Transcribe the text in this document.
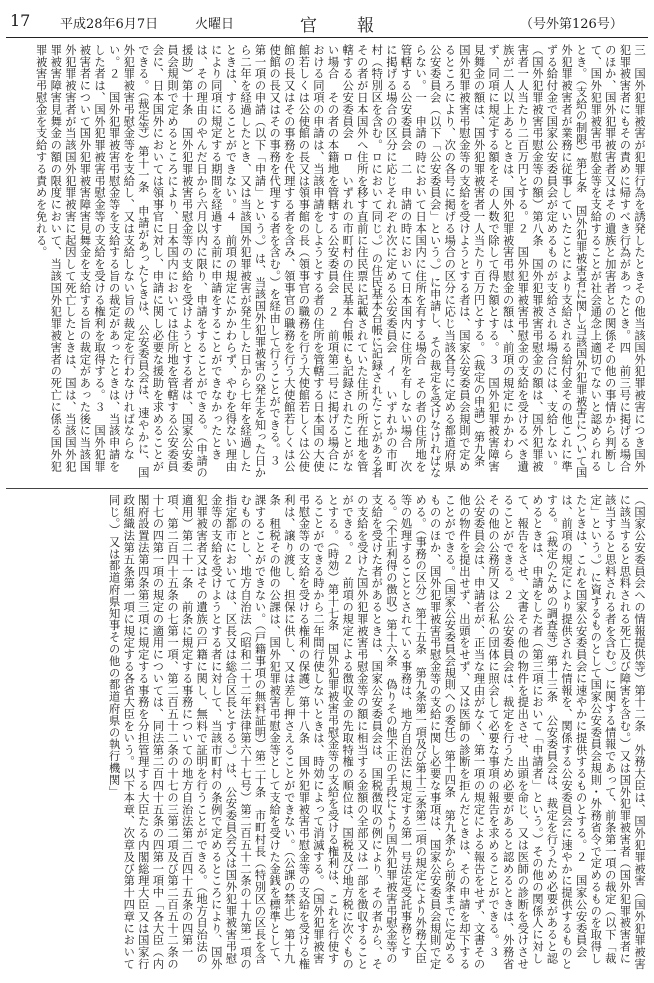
17 平成28年6月7日	火曜日	官　　報	（号外第126号）
三　国外犯罪被害が犯罪行為を誘発したときその他当該国外犯罪被害につき国外犯罪被害者にもその責めに帰すべき行為があったとき。四　前三号に掲げる場合のほか、国外犯罪被害者又はその遺族と加害者との関係その他の事情から判断して、国外犯罪被害弔慰金等を支給することが社会通念上適切でないと認められるとき。（支給の制限）第七条　国外犯罪被害者に関し当該国外犯罪被害について国外犯罪被害者が業務に従事していたことにより支給される給付金その他これに準ずる給付金で国家公安委員会が定めるものが支給される場合には、支給しない。（国外犯罪被害弔慰金等の額）第八条　国外犯罪被害弔慰金の額は、国外犯罪被害者一人当たり二百万円とする。２　国外犯罪被害弔慰金の支給を受けるべき遺族が二人以上あるときは、国外犯罪被害弔慰金の額は、前項の規定にかかわらず、同項に規定する額をその人数で除して得た額とする。３　国外犯罪被害障害見舞金の額は、国外犯罪被害者一人当たり百万円とする。（裁定の申請）第九条　国外犯罪被害弔慰金等の支給を受けようとする者は、国家公安委員会規則で定めるところにより、次の各号に掲げる場合の区分に応じ当該各号に定める都道府県公安委員会（以下「公安委員会」という。）に申請し、その裁定を受けなければならない。一　申請の時において日本国内に住所を有する場合　その者の住所地を管轄する公安委員会　二　申請の時において日本国内に住所を有しない場合　次に掲げる場合の区分に応じそれぞれ次に定める公安委員会　イ　いずれかの市町村（特別区を含む。ロにおいて同じ。）の住民基本台帳に記録されたことがある者　その者が日本国外へ住所を移す直前に住民票に記載されていた住所の所在地を管轄する公安委員会　ロ　いずれの市町村の住民基本台帳にも記録されたことがない場合　その者の本籍地を管轄する公安委員会　２　前項第二号に掲げる場合における同項の申請は、当該申請をしようとする者の住所を管轄する日本国の大使館若しくは公使館の長又は領事館の長（領事官の職務を行う大使館若しくは公使館の長又はその事務を代理する者を含み、領事官の職務を行う大使館若しくは公使館の長又はその事務を代理する者を含む。）を経由して行うことができる。３　第一項の申請（以下「申請」という。）は、当該国外犯罪被害の発生を知った日から二年を経過したとき、又は当該国外犯罪被害が発生した日から七年を経過したときは、することができない。４　前項の規定にかかわらず、やむを得ない理由により同項に規定する期間を経過する前に申請をすることができなかったときは、その理由のやんだ日から六月以内に限り、申請をすることができる。（申請の援助）第十条　国外犯罪被害弔慰金等の支給を受けようとする者は、国家公安委員会規則で定めるところにより、日本国内においては住所地を管轄する公安委員会に、日本国外においては領事官に対し、申請に関し必要な援助を求めることができる。（裁定等）第十一条　申請があったときは、公安委員会は、速やかに、国外犯罪被害弔慰金等を支給し、又は支給しない旨の裁定を行わなければならない。２　国外犯罪被害弔慰金等を支給する旨の裁定があったときは、当該申請をした者は、国外犯罪被害弔慰金等の支給を受ける権利を取得する。３　国外犯罪被害者について国外犯罪被害障害見舞金を支給する旨の裁定があった後に当該国外犯罪被害者が当該国外犯罪被害に起因して死亡したときは、国は、当該国外犯罪被害障害見舞金の額の限度において、当該国外犯罪被害者の死亡に係る国外犯罪被害弔慰金を支給する責めを免れる。
（国家公安委員会への情報提供等）第十二条　外務大臣は、国外犯罪被害（国外犯罪被害に該当すると思料される死亡及び障害を含む。）又は国外犯罪被害者（国外犯罪被害者に該当すると思料される者を含む。）に関する情報であって、前条第一項の裁定（以下「裁定」という。）に資するものとして国家公安委員会規則・外務省令で定めるものを取得したときは、これを国家公安委員会に速やかに提供するものとする。２　国家公安委員会は、前項の規定により提供された情報を、関係する公安委員会に速やかに提供するものとする。（裁定のための調査等）第十三条　公安委員会は、裁定を行うため必要があると認めるときは、申請をした者（第三項において「申請者」という。）その他の関係人に対して、報告をさせ、文書その他の物件を提出させ、出頭を命じ、又は医師の診断を受けさせることができる。２　公安委員会は、裁定を行うため必要があると認めるときは、外務省その他の公務所又は公私の団体に照会して必要な事項の報告を求めることができる。３　公安委員会は、申請者が、正当な理由がなく、第一項の規定による報告をせず、文書その他の物件を提出せず、出頭をせず、又は医師の診断を拒んだときは、その申請を却下することができる。（国家公安委員会規則への委任）第十四条　第九条から前条までに定めるもののほか、国外犯罪被害弔慰金等の支給に関し必要な事項は、国家公安委員会規則で定める。（事務の区分）第十五条　第九条第一項及び第十三条第二項の規定により外務大臣等の処理することとされている事務は、地方自治法に規定する第一号法定受託事務とする。（不正利得の徴収）第十六条　偽りその他不正の手段により国外犯罪被害弔慰金等の支給を受けた者があるときは、国家公安委員会は、国税徴収の例により、その者から、その支給を受けた国外犯罪被害弔慰金等の額に相当する金額の全部又は一部を徴収することができる。２　前項の規定による徴収金の先取特権の順位は、国税及び地方税に次ぐものとする。（時効）第十七条　国外犯罪被害弔慰金等の支給を受ける権利は、これを行使することができる時から二年間行使しないときは、時効によって消滅する。（国外犯罪被害弔慰金等の支給を受ける権利の保護）第十八条　国外犯罪被害弔慰金等の支給を受ける権利は、譲り渡し、担保に供し、又は差し押さえることができない。（公課の禁止）第十九条　租税その他の公課は、国外犯罪被害弔慰金等として支給を受けた金銭を標準として、課することができない。（戸籍事項の無料証明）第二十条　市町村長（特別区の区長を含むものとし、地方自治法（昭和二十二年法律第六十七号）第二百五十二条の十九第一項の指定都市においては、区長又は総合区長とする。）は、公安委員会又は国外犯罪被害弔慰金等の支給を受けようとする者に対して、当該市町村の条例で定めるところにより、国外犯罪被害者又はその遺族の戸籍に関し、無料で証明を行うことができる。（地方自治法の適用）第二十一条　前条に規定する事務についての地方自治法第二百四十五条の四第一項、第二百四十五条の七第一項、第二百五十二条の十七の三第二項及び第二百五十二条の十七の四第一項の規定の適用については、同法第二百四十五条の四第一項中「各大臣（内閣府設置法第四条第三項に規定する事務を分担管理する大臣たる内閣総理大臣又は国家行政組織法第五条第一項に規定する各省大臣をいう。以下本章、次章及び第十四章において同じ。）又は都道府県知事その他の都道府県の執行機関」
